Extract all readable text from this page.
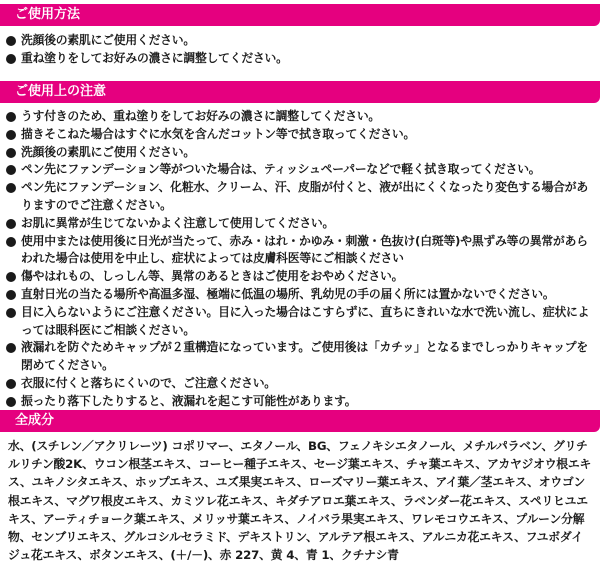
ご使用方法
洗顔後の素肌にご使用ください。
重ね塗りをしてお好みの濃さに調整してください。
ご使用上の注意
うす付きのため、重ね塗りをしてお好みの濃さに調整してください。
描きそこねた場合はすぐに水気を含んだコットン等で拭き取ってください。
洗顔後の素肌にご使用ください。
ペン先にファンデーション等がついた場合は、ティッシュペーパーなどで軽く拭き取ってください。
ペン先にファンデーション、化粧水、クリーム、汗、皮脂が付くと、液が出にくくなったり変色する場合がありますのでご注意ください。
お肌に異常が生じてないかよく注意して使用してください。
使用中または使用後に日光が当たって、赤み・はれ・かゆみ・刺激・色抜け(白斑等)や黒ずみ等の異常があらわれた場合は使用を中止し、症状によっては皮膚科医等にご相談ください
傷やはれもの、しっしん等、異常のあるときはご使用をおやめください。
直射日光の当たる場所や高温多湿、極端に低温の場所、乳幼児の手の届く所には置かないでください。
目に入らないようにご注意ください。目に入った場合はこすらずに、直ちにきれいな水で洗い流し、症状によっては眼科医にご相談ください。
液漏れを防ぐためキャップが２重構造になっています。ご使用後は「カチッ」となるまでしっかりキャップを閉めてください。
衣服に付くと落ちにくいので、ご注意ください。
振ったり落下したりすると、液漏れを起こす可能性があります。
全成分

水、(スチレン／アクリレーツ) コポリマー、エタノール、BG、フェノキシエタノール、メチルパラベン、グリチルリチン酸2K、ウコン根茎エキス、コーヒー種子エキス、セージ葉エキス、チャ葉エキス、アカヤジオウ根エキス、ユキノシタエキス、ホップエキス、ユズ果実エキス、ローズマリー葉エキス、アイ葉／茎エキス、オウゴン根エキス、マグワ根皮エキス、カミツレ花エキス、キダチアロエ葉エキス、ラベンダー花エキス、スペリヒユエキス、アーティチョーク葉エキス、メリッサ葉エキス、ノイバラ果実エキス、ワレモコウエキス、プルーン分解物、センブリエキス、グルコシルセラミド、デキストリン、アルテア根エキス、アルニカ花エキス、フユボダイジュ花エキス、ボタンエキス、(＋/－)、赤 227、黄 4、青 1、クチナシ青
